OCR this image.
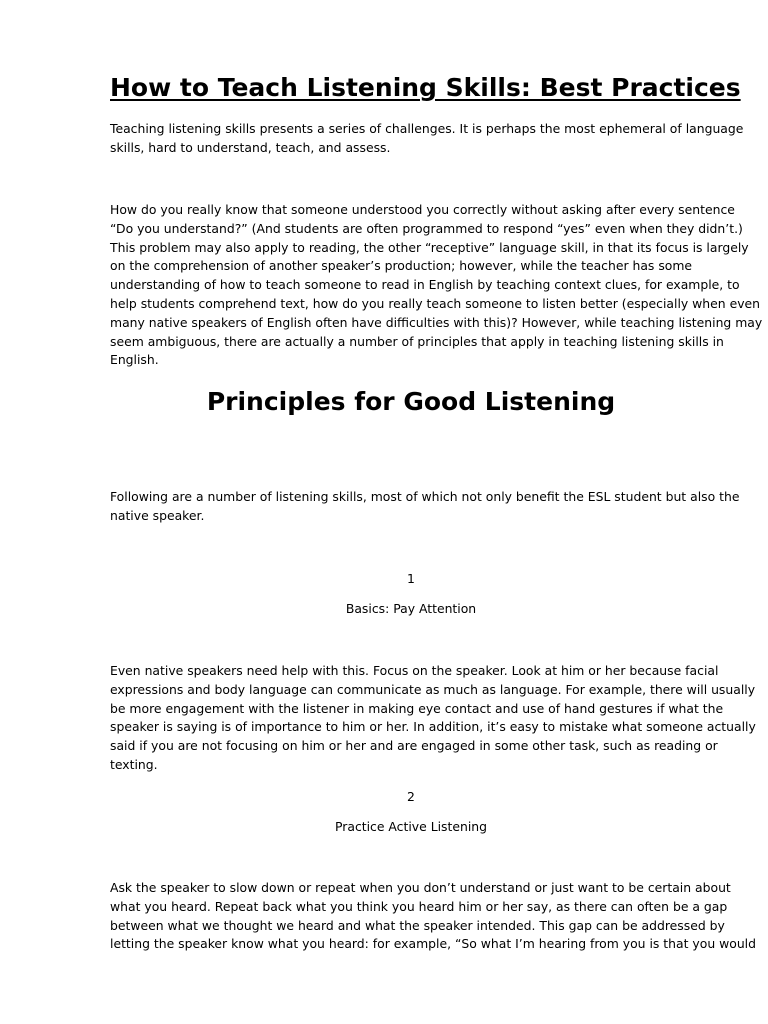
How to Teach Listening Skills: Best Practices
Teaching listening skills presents a series of challenges. It is perhaps the most ephemeral of language
skills, hard to understand, teach, and assess.
How do you really know that someone understood you correctly without asking after every sentence
“Do you understand?” (And students are often programmed to respond “yes” even when they didn’t.)
This problem may also apply to reading, the other “receptive” language skill, in that its focus is largely
on the comprehension of another speaker’s production; however, while the teacher has some
understanding of how to teach someone to read in English by teaching context clues, for example, to
help students comprehend text, how do you really teach someone to listen better (especially when even
many native speakers of English often have difficulties with this)? However, while teaching listening may
seem ambiguous, there are actually a number of principles that apply in teaching listening skills in
English.
Principles for Good Listening
Following are a number of listening skills, most of which not only benefit the ESL student but also the
native speaker.
1
Basics: Pay Attention
Even native speakers need help with this. Focus on the speaker. Look at him or her because facial
expressions and body language can communicate as much as language. For example, there will usually
be more engagement with the listener in making eye contact and use of hand gestures if what the
speaker is saying is of importance to him or her. In addition, it’s easy to mistake what someone actually
said if you are not focusing on him or her and are engaged in some other task, such as reading or
texting.
2
Practice Active Listening
Ask the speaker to slow down or repeat when you don’t understand or just want to be certain about
what you heard. Repeat back what you think you heard him or her say, as there can often be a gap
between what we thought we heard and what the speaker intended. This gap can be addressed by
letting the speaker know what you heard: for example, “So what I’m hearing from you is that you would
